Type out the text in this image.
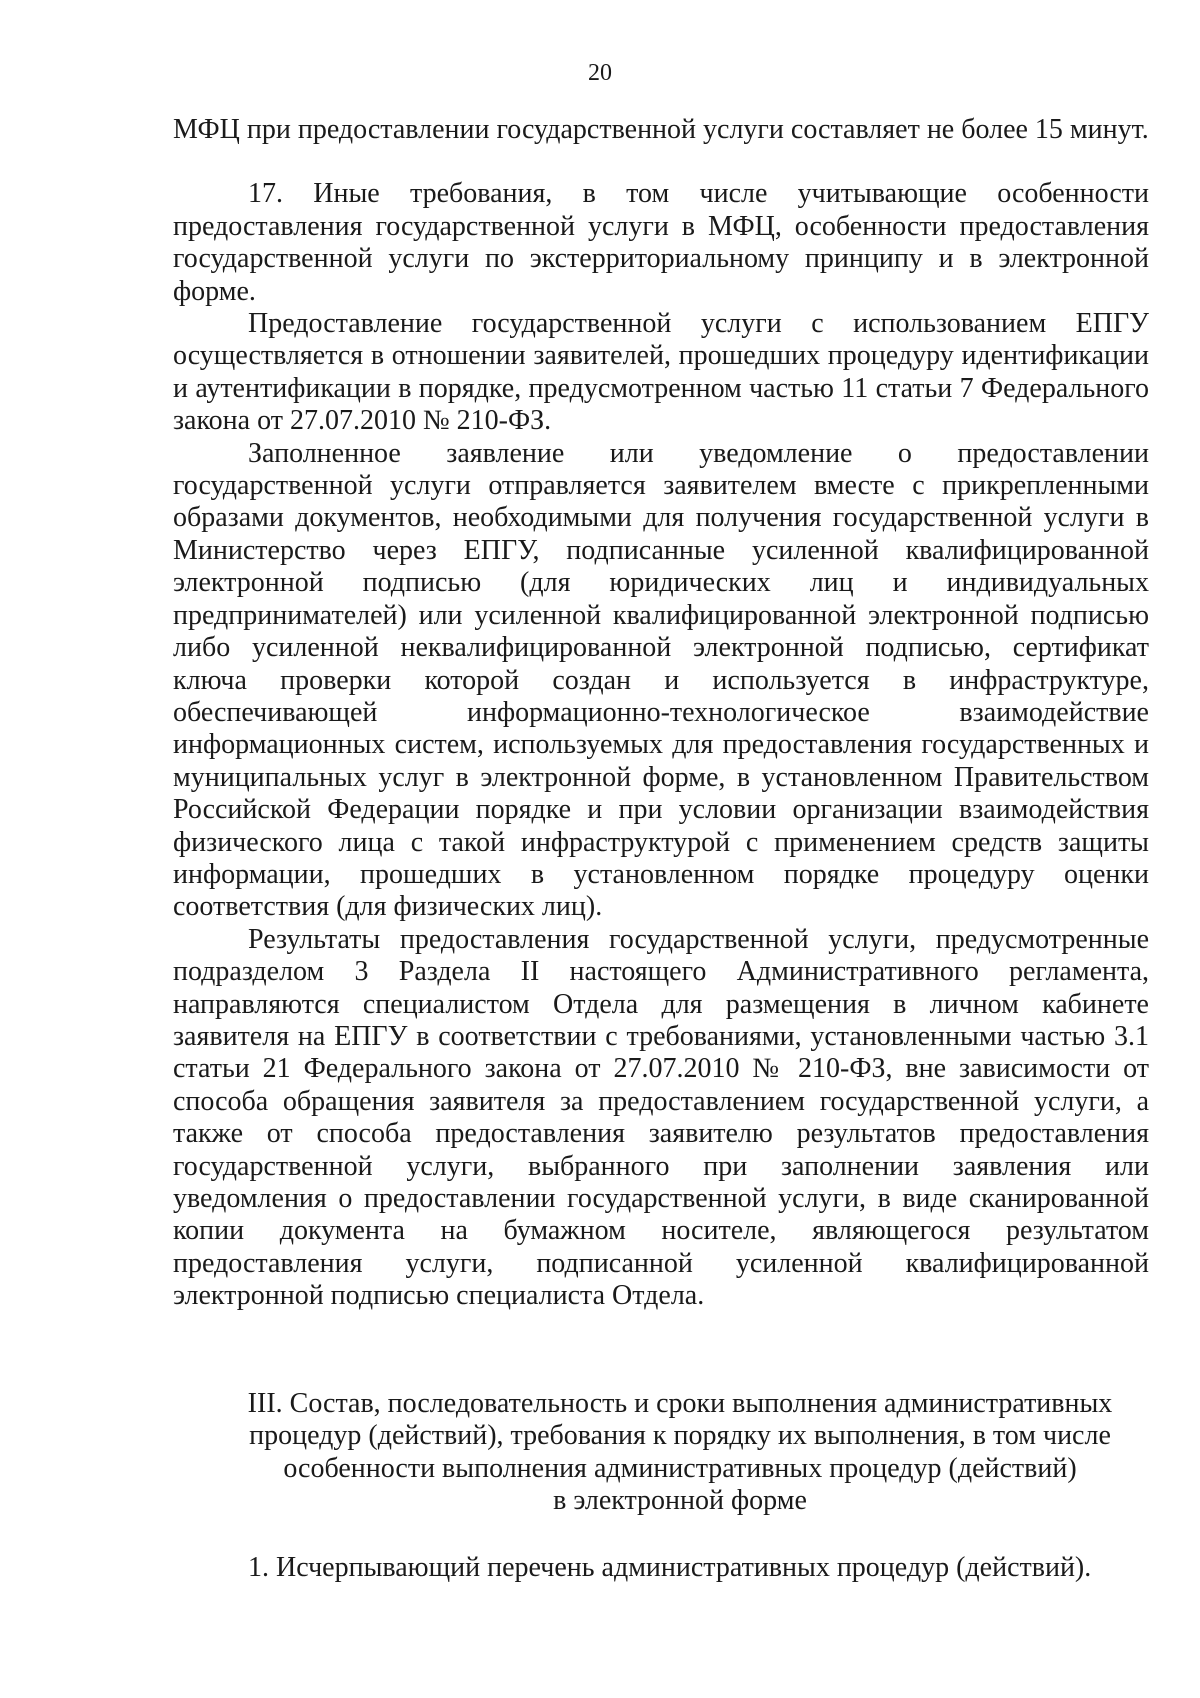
20

МФЦ при предоставлении государственной услуги составляет не более 15 минут.

17. Иные требования, в том числе учитывающие особенности предоставления государственной услуги в МФЦ, особенности предоставления государственной услуги по экстерриториальному принципу и в электронной форме.

Предоставление государственной услуги с использованием ЕПГУ осуществляется в отношении заявителей, прошедших процедуру идентификации и аутентификации в порядке, предусмотренном частью 11 статьи 7 Федерального закона от 27.07.2010 № 210-ФЗ.

Заполненное заявление или уведомление о предоставлении государственной услуги отправляется заявителем вместе с прикрепленными образами документов, необходимыми для получения государственной услуги в Министерство через ЕПГУ, подписанные усиленной квалифицированной электронной подписью (для юридических лиц и индивидуальных предпринимателей) или усиленной квалифицированной электронной подписью либо усиленной неквалифицированной электронной подписью, сертификат ключа проверки которой создан и используется в инфраструктуре, обеспечивающей информационно-технологическое взаимодействие информационных систем, используемых для предоставления государственных и муниципальных услуг в электронной форме, в установленном Правительством Российской Федерации порядке и при условии организации взаимодействия физического лица с такой инфраструктурой с применением средств защиты информации, прошедших в установленном порядке процедуру оценки соответствия (для физических лиц).

Результаты предоставления государственной услуги, предусмотренные подразделом 3 Раздела II настоящего Административного регламента, направляются специалистом Отдела для размещения в личном кабинете заявителя на ЕПГУ в соответствии с требованиями, установленными частью 3.1 статьи 21 Федерального закона от 27.07.2010 № 210-ФЗ, вне зависимости от способа обращения заявителя за предоставлением государственной услуги, а также от способа предоставления заявителю результатов предоставления государственной услуги, выбранного при заполнении заявления или уведомления о предоставлении государственной услуги, в виде сканированной копии документа на бумажном носителе, являющегося результатом предоставления услуги, подписанной усиленной квалифицированной электронной подписью специалиста Отдела.

III. Состав, последовательность и сроки выполнения административных
процедур (действий), требования к порядку их выполнения, в том числе
особенности выполнения административных процедур (действий)
в электронной форме
1. Исчерпывающий перечень административных процедур (действий).
